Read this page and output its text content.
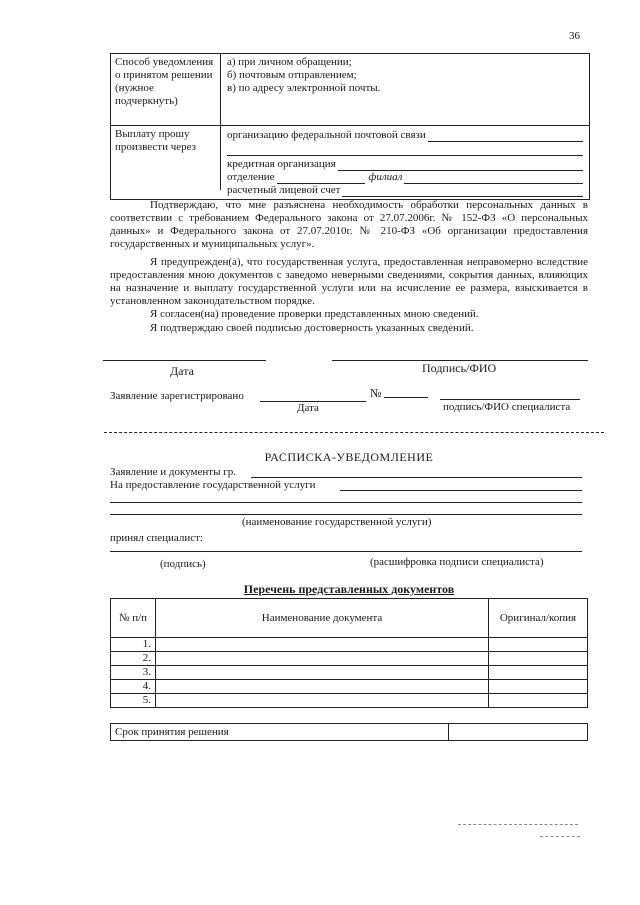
36
Способ уведомления о принятом решении (нужное подчеркнуть)
а) при личном обращении;
б) почтовым отправлением;
в) по адресу электронной почты.
Выплату прошу произвести через
организацию федеральной почтовой связи
кредитная организация
отделение	филиал
расчетный лицевой счет
Подтверждаю, что мне разъяснена необходимость обработки персональных данных в соответствии с требованием Федерального закона от 27.07.2006г. № 152-ФЗ «О персональных данных» и Федерального закона от 27.07.2010г. № 210-ФЗ «Об организации предоставления государственных и муниципальных услуг».
Я предупрежден(а), что государственная услуга, предоставленная неправомерно вследствие предоставления мною документов с заведомо неверными сведениями, сокрытия данных, влияющих на назначение и выплату государственной услуги или на исчисление ее размера, взыскивается в установленном законодательством порядке.
Я согласен(на) проведение проверки представленных мною сведений.
Я подтверждаю своей подписью достоверность указанных сведений.
Дата	Подпись/ФИО
Заявление зарегистрировано	№
Дата	подпись/ФИО специалиста
РАСПИСКА-УВЕДОМЛЕНИЕ
Заявление и документы гр.
На предоставление государственной услуги
(наименование государственной услуги)
принял специалист:
(подпись)	(расшифровка подписи специалиста)
Перечень представленных документов
№ п/п	Наименование документа	Оригинал/копия
1.		
2.		
3.		
4.		
5.		
Срок принятия решения	
